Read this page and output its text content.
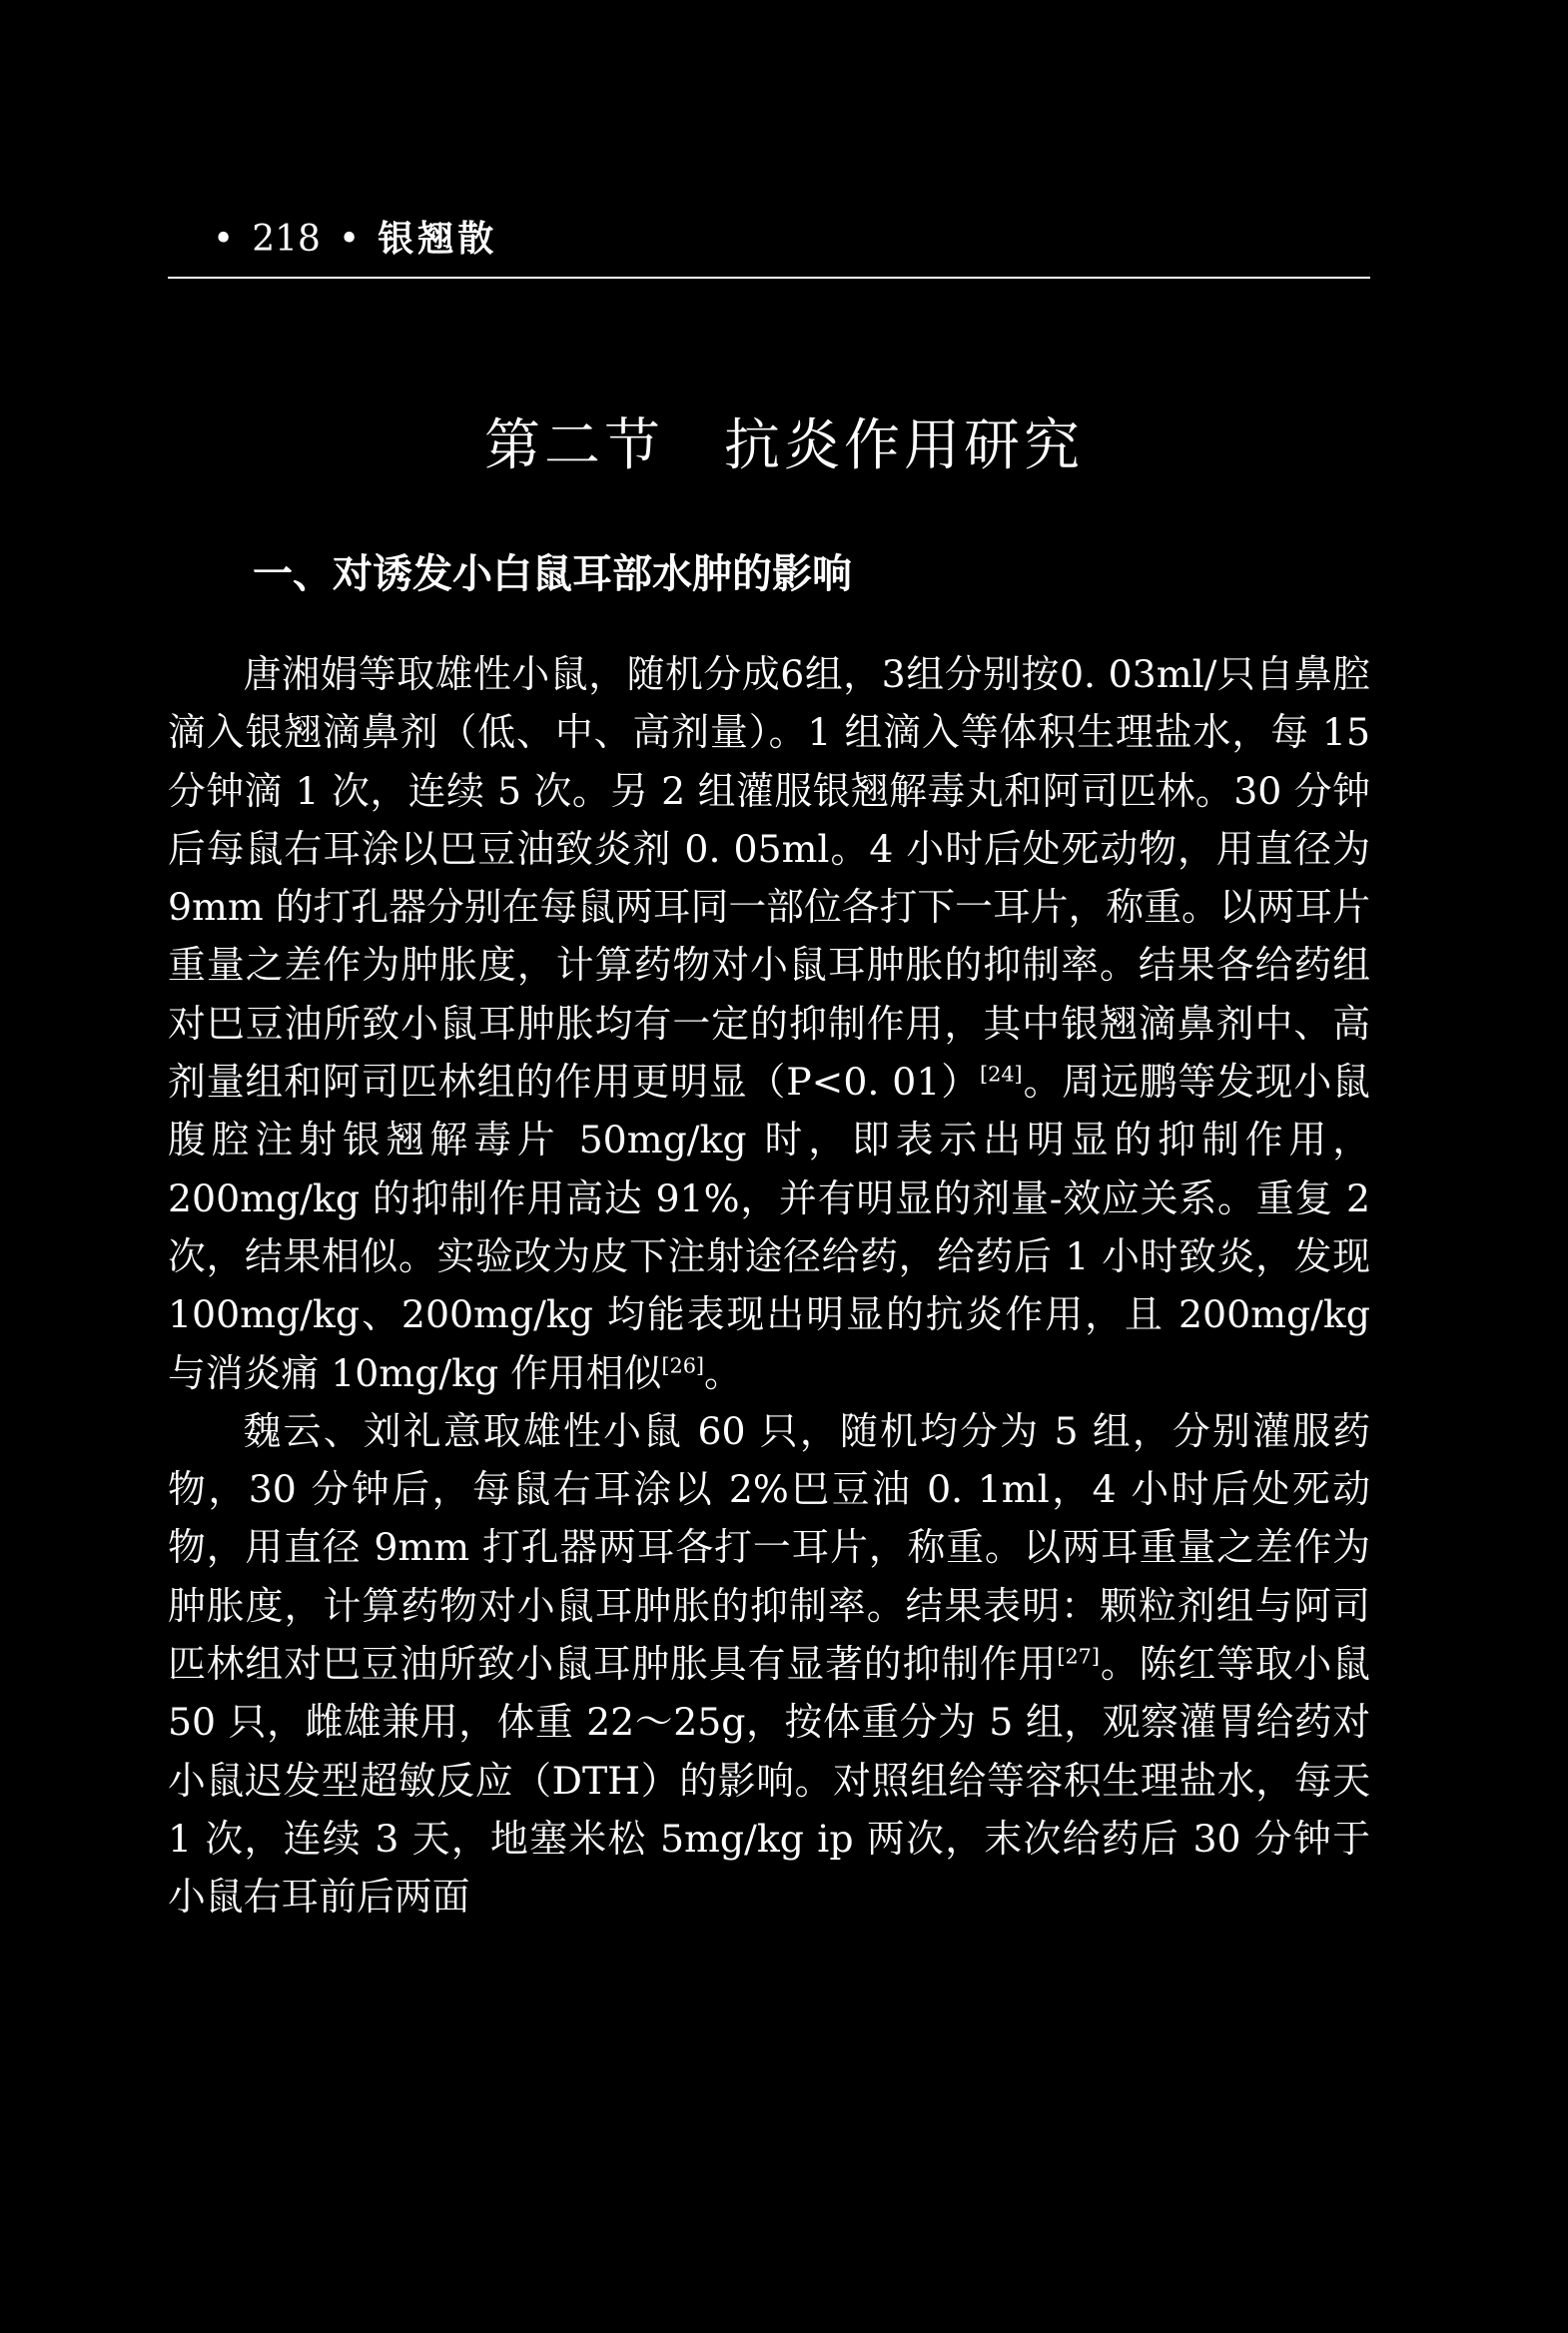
• 218 • 银翘散
第二节　抗炎作用研究
一、对诱发小白鼠耳部水肿的影响

唐湘娟等取雄性小鼠，随机分成6组，3组分别按0. 03ml/只自鼻腔滴入银翘滴鼻剂（低、中、高剂量）。1 组滴入等体积生理盐水，每 15 分钟滴 1 次，连续 5 次。另 2 组灌服银翘解毒丸和阿司匹林。30 分钟后每鼠右耳涂以巴豆油致炎剂 0. 05ml。4 小时后处死动物，用直径为 9mm 的打孔器分别在每鼠两耳同一部位各打下一耳片，称重。以两耳片重量之差作为肿胀度，计算药物对小鼠耳肿胀的抑制率。结果各给药组对巴豆油所致小鼠耳肿胀均有一定的抑制作用，其中银翘滴鼻剂中、高剂量组和阿司匹林组的作用更明显（P<0. 01）[24]。周远鹏等发现小鼠腹腔注射银翘解毒片 50mg/kg 时，即表示出明显的抑制作用，200mg/kg 的抑制作用高达 91%，并有明显的剂量-效应关系。重复 2 次，结果相似。实验改为皮下注射途径给药，给药后 1 小时致炎，发现 100mg/kg、200mg/kg 均能表现出明显的抗炎作用，且 200mg/kg 与消炎痛 10mg/kg 作用相似[26]。

魏云、刘礼意取雄性小鼠 60 只，随机均分为 5 组，分别灌服药物，30 分钟后，每鼠右耳涂以 2%巴豆油 0. 1ml，4 小时后处死动物，用直径 9mm 打孔器两耳各打一耳片，称重。以两耳重量之差作为肿胀度，计算药物对小鼠耳肿胀的抑制率。结果表明：颗粒剂组与阿司匹林组对巴豆油所致小鼠耳肿胀具有显著的抑制作用[27]。陈红等取小鼠 50 只，雌雄兼用，体重 22～25g，按体重分为 5 组，观察灌胃给药对小鼠迟发型超敏反应（DTH）的影响。对照组给等容积生理盐水，每天 1 次，连续 3 天，地塞米松 5mg/kg ip 两次，末次给药后 30 分钟于小鼠右耳前后两面
